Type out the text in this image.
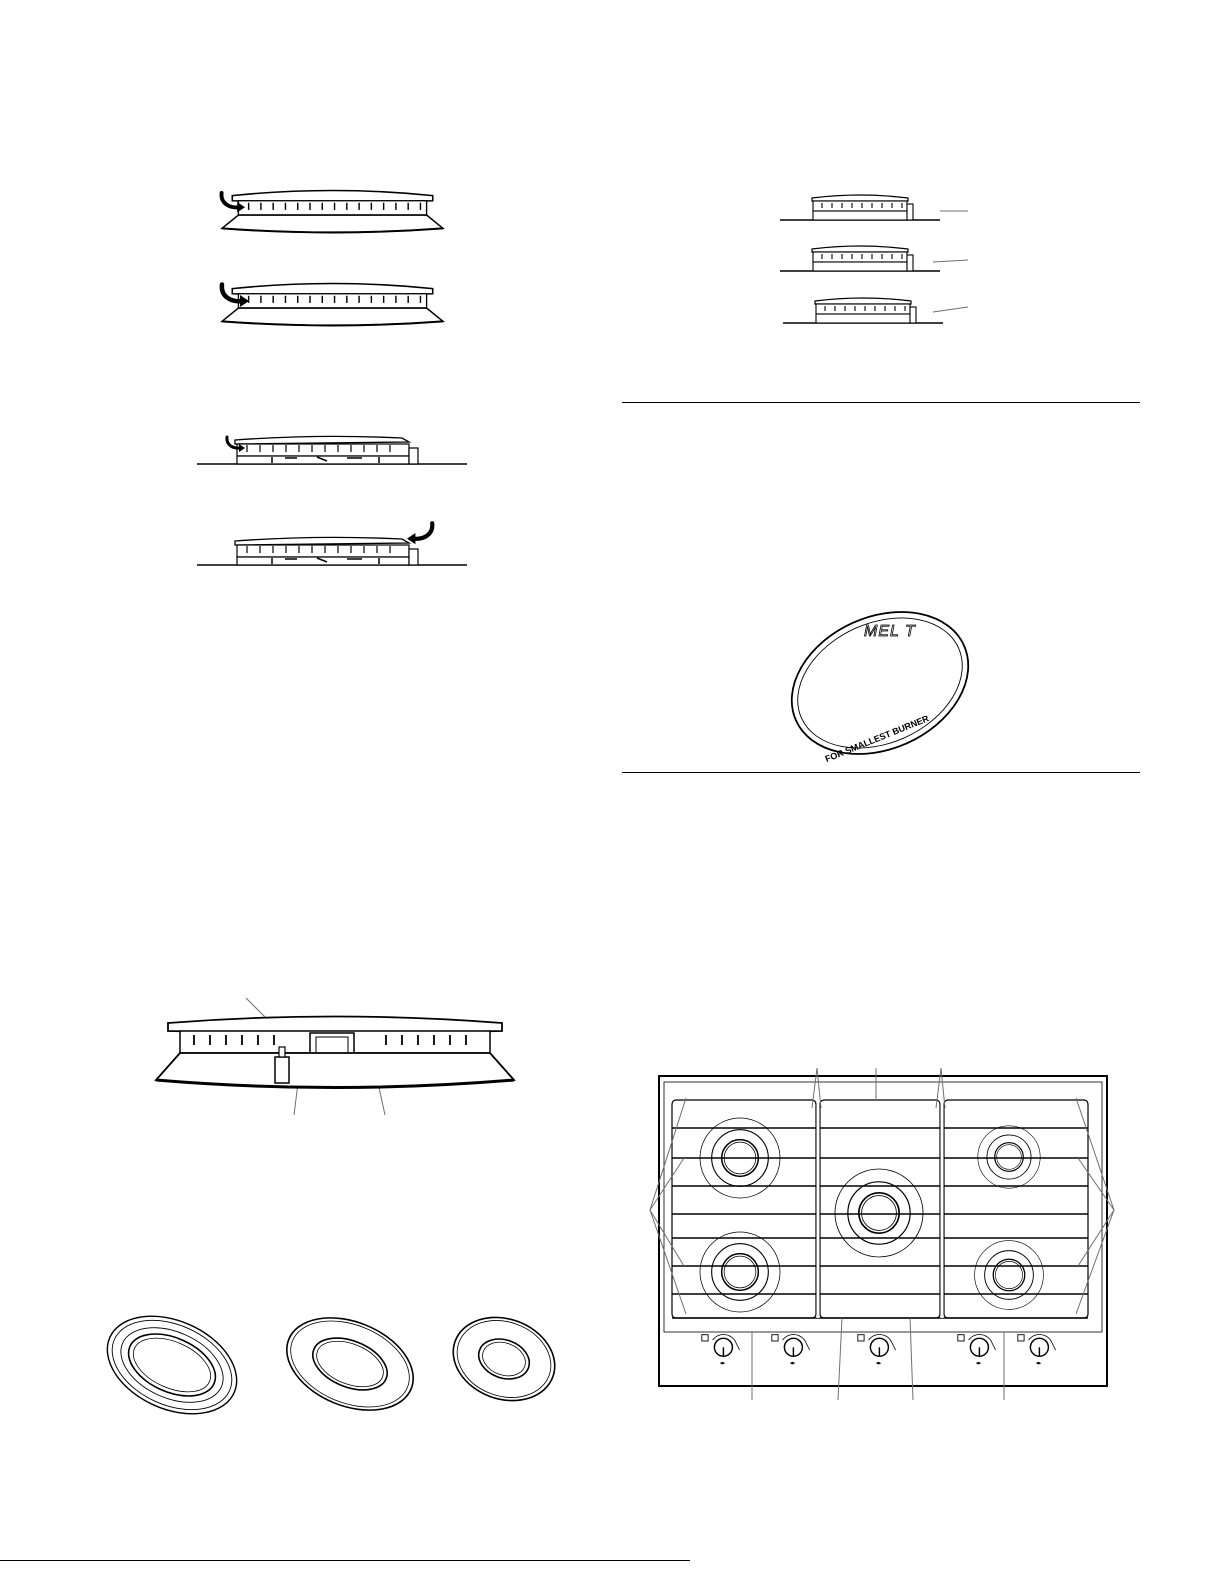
MEL T
FOR SMALLEST BURNER
